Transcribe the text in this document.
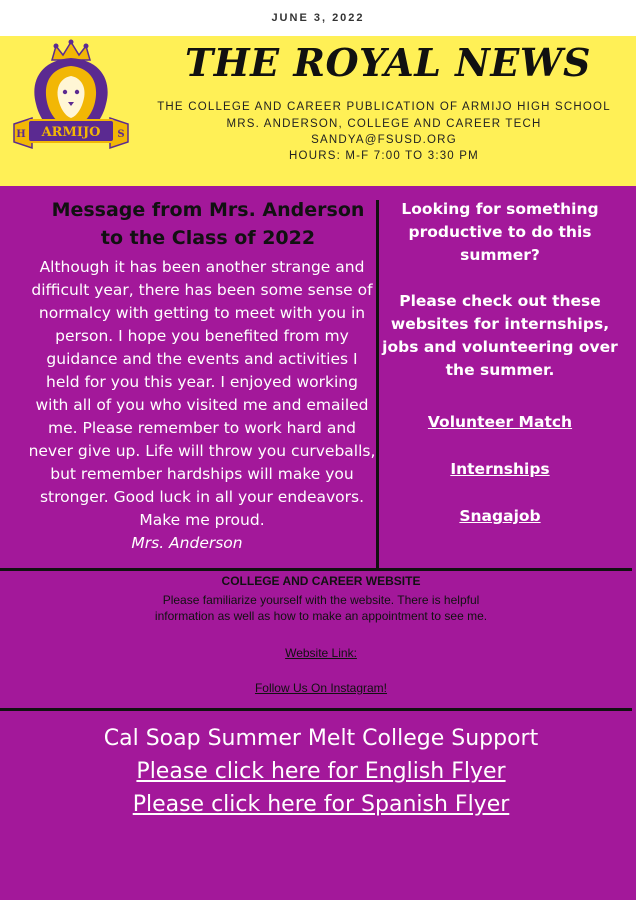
JUNE 3, 2022
ARMIJO
H	S
THE ROYAL NEWS
THE COLLEGE AND CAREER PUBLICATION OF ARMIJO HIGH SCHOOL
MRS. ANDERSON, COLLEGE AND CAREER TECH
SANDYA@FSUSD.ORG
HOURS: M-F 7:00 TO 3:30 PM
Message from Mrs. Anderson
to the Class of 2022
Although it has been another strange and difficult year, there has been some sense of normalcy with getting to meet with you in person. I hope you benefited from my guidance and the events and activities I held for you this year. I enjoyed working with all of you who visited me and emailed me. Please remember to work hard and never give up. Life will throw you curveballs, but remember hardships will make you stronger. Good luck in all your endeavors. Make me proud.
Mrs. Anderson
Looking for something productive to do this summer?
Please check out these websites for internships, jobs and volunteering over the summer.
Volunteer Match
Internships
Snagajob
COLLEGE AND CAREER WEBSITE
Please familiarize yourself with the website. There is helpful information as well as how to make an appointment to see me.
Website Link:
Follow Us On Instagram!
Cal Soap Summer Melt College Support
Please click here for English Flyer
Please click here for Spanish Flyer
